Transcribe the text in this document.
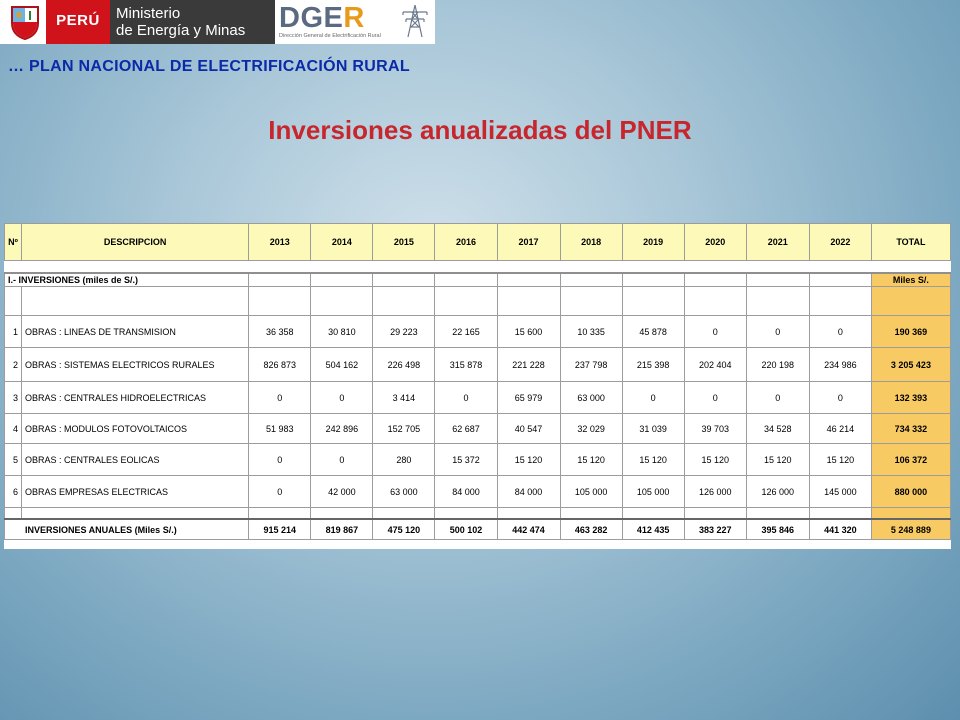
PERÚ	Ministerio
de Energía y Minas DGER
Dirección General de Electrificación Rural
… PLAN NACIONAL DE ELECTRIFICACIÓN RURAL
Inversiones anualizadas del PNER
Nº	DESCRIPCION	2013	2014	2015	2016	2017	2018	2019	2020	2021	2022	TOTAL

I.- INVERSIONES (miles de S/.)												Miles S/.

1	OBRAS : LINEAS DE TRANSMISION	36 358	30 810	29 223	22 165	15 600	10 335	45 878	0	0	0	190 369
2	OBRAS : SISTEMAS ELECTRICOS RURALES	826 873	504 162	226 498	315 878	221 228	237 798	215 398	202 404	220 198	234 986	3 205 423
3	OBRAS : CENTRALES HIDROELECTRICAS	0	0	3 414	0	65 979	63 000	0	0	0	0	132 393
4	OBRAS : MODULOS FOTOVOLTAICOS	51 983	242 896	152 705	62 687	40 547	32 029	31 039	39 703	34 528	46 214	734 332
5	OBRAS : CENTRALES EOLICAS	0	0	280	15 372	15 120	15 120	15 120	15 120	15 120	15 120	106 372
6	OBRAS EMPRESAS ELECTRICAS	0	42 000	63 000	84 000	84 000	105 000	105 000	126 000	126 000	145 000	880 000

INVERSIONES ANUALES (Miles S/.)		915 214	819 867	475 120	500 102	442 474	463 282	412 435	383 227	395 846	441 320	5 248 889
